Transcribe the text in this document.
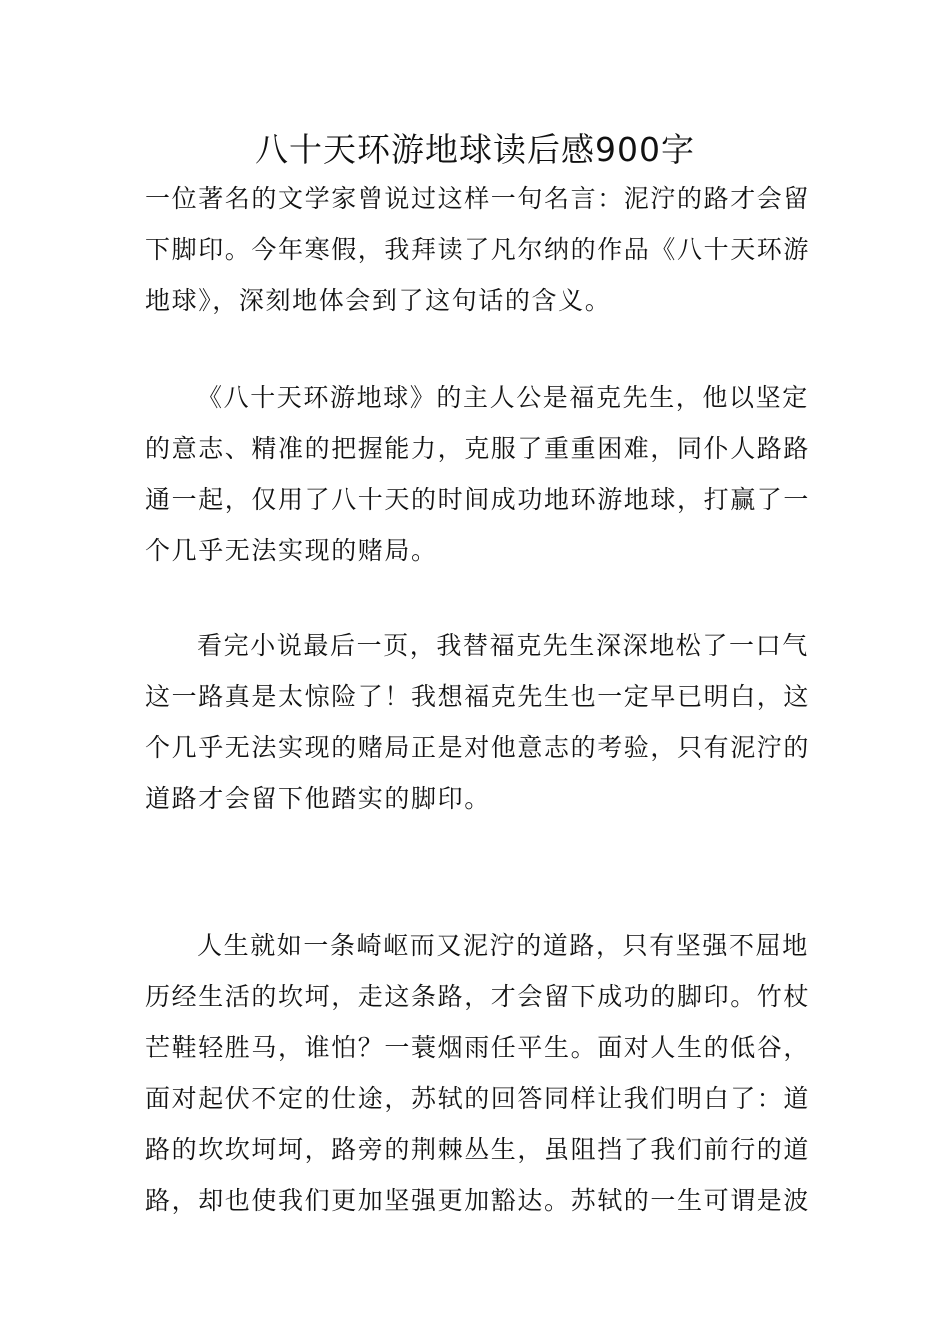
八十天环游地球读后感900字

一位著名的文学家曾说过这样一句名言：泥泞的路才会留
下脚印。今年寒假，我拜读了凡尔纳的作品《八十天环游
地球》，深刻地体会到了这句话的含义。

《八十天环游地球》的主人公是福克先生，他以坚定
的意志、精准的把握能力，克服了重重困难，同仆人路路
通一起，仅用了八十天的时间成功地环游地球，打赢了一
个几乎无法实现的赌局。

看完小说最后一页，我替福克先生深深地松了一口气
这一路真是太惊险了！我想福克先生也一定早已明白，这
个几乎无法实现的赌局正是对他意志的考验，只有泥泞的
道路才会留下他踏实的脚印。

人生就如一条崎岖而又泥泞的道路，只有坚强不屈地
历经生活的坎坷，走这条路，才会留下成功的脚印。竹杖
芒鞋轻胜马，谁怕？一蓑烟雨任平生。面对人生的低谷，
面对起伏不定的仕途，苏轼的回答同样让我们明白了：道
路的坎坎坷坷，路旁的荆棘丛生，虽阻挡了我们前行的道
路，却也使我们更加坚强更加豁达。苏轼的一生可谓是波
